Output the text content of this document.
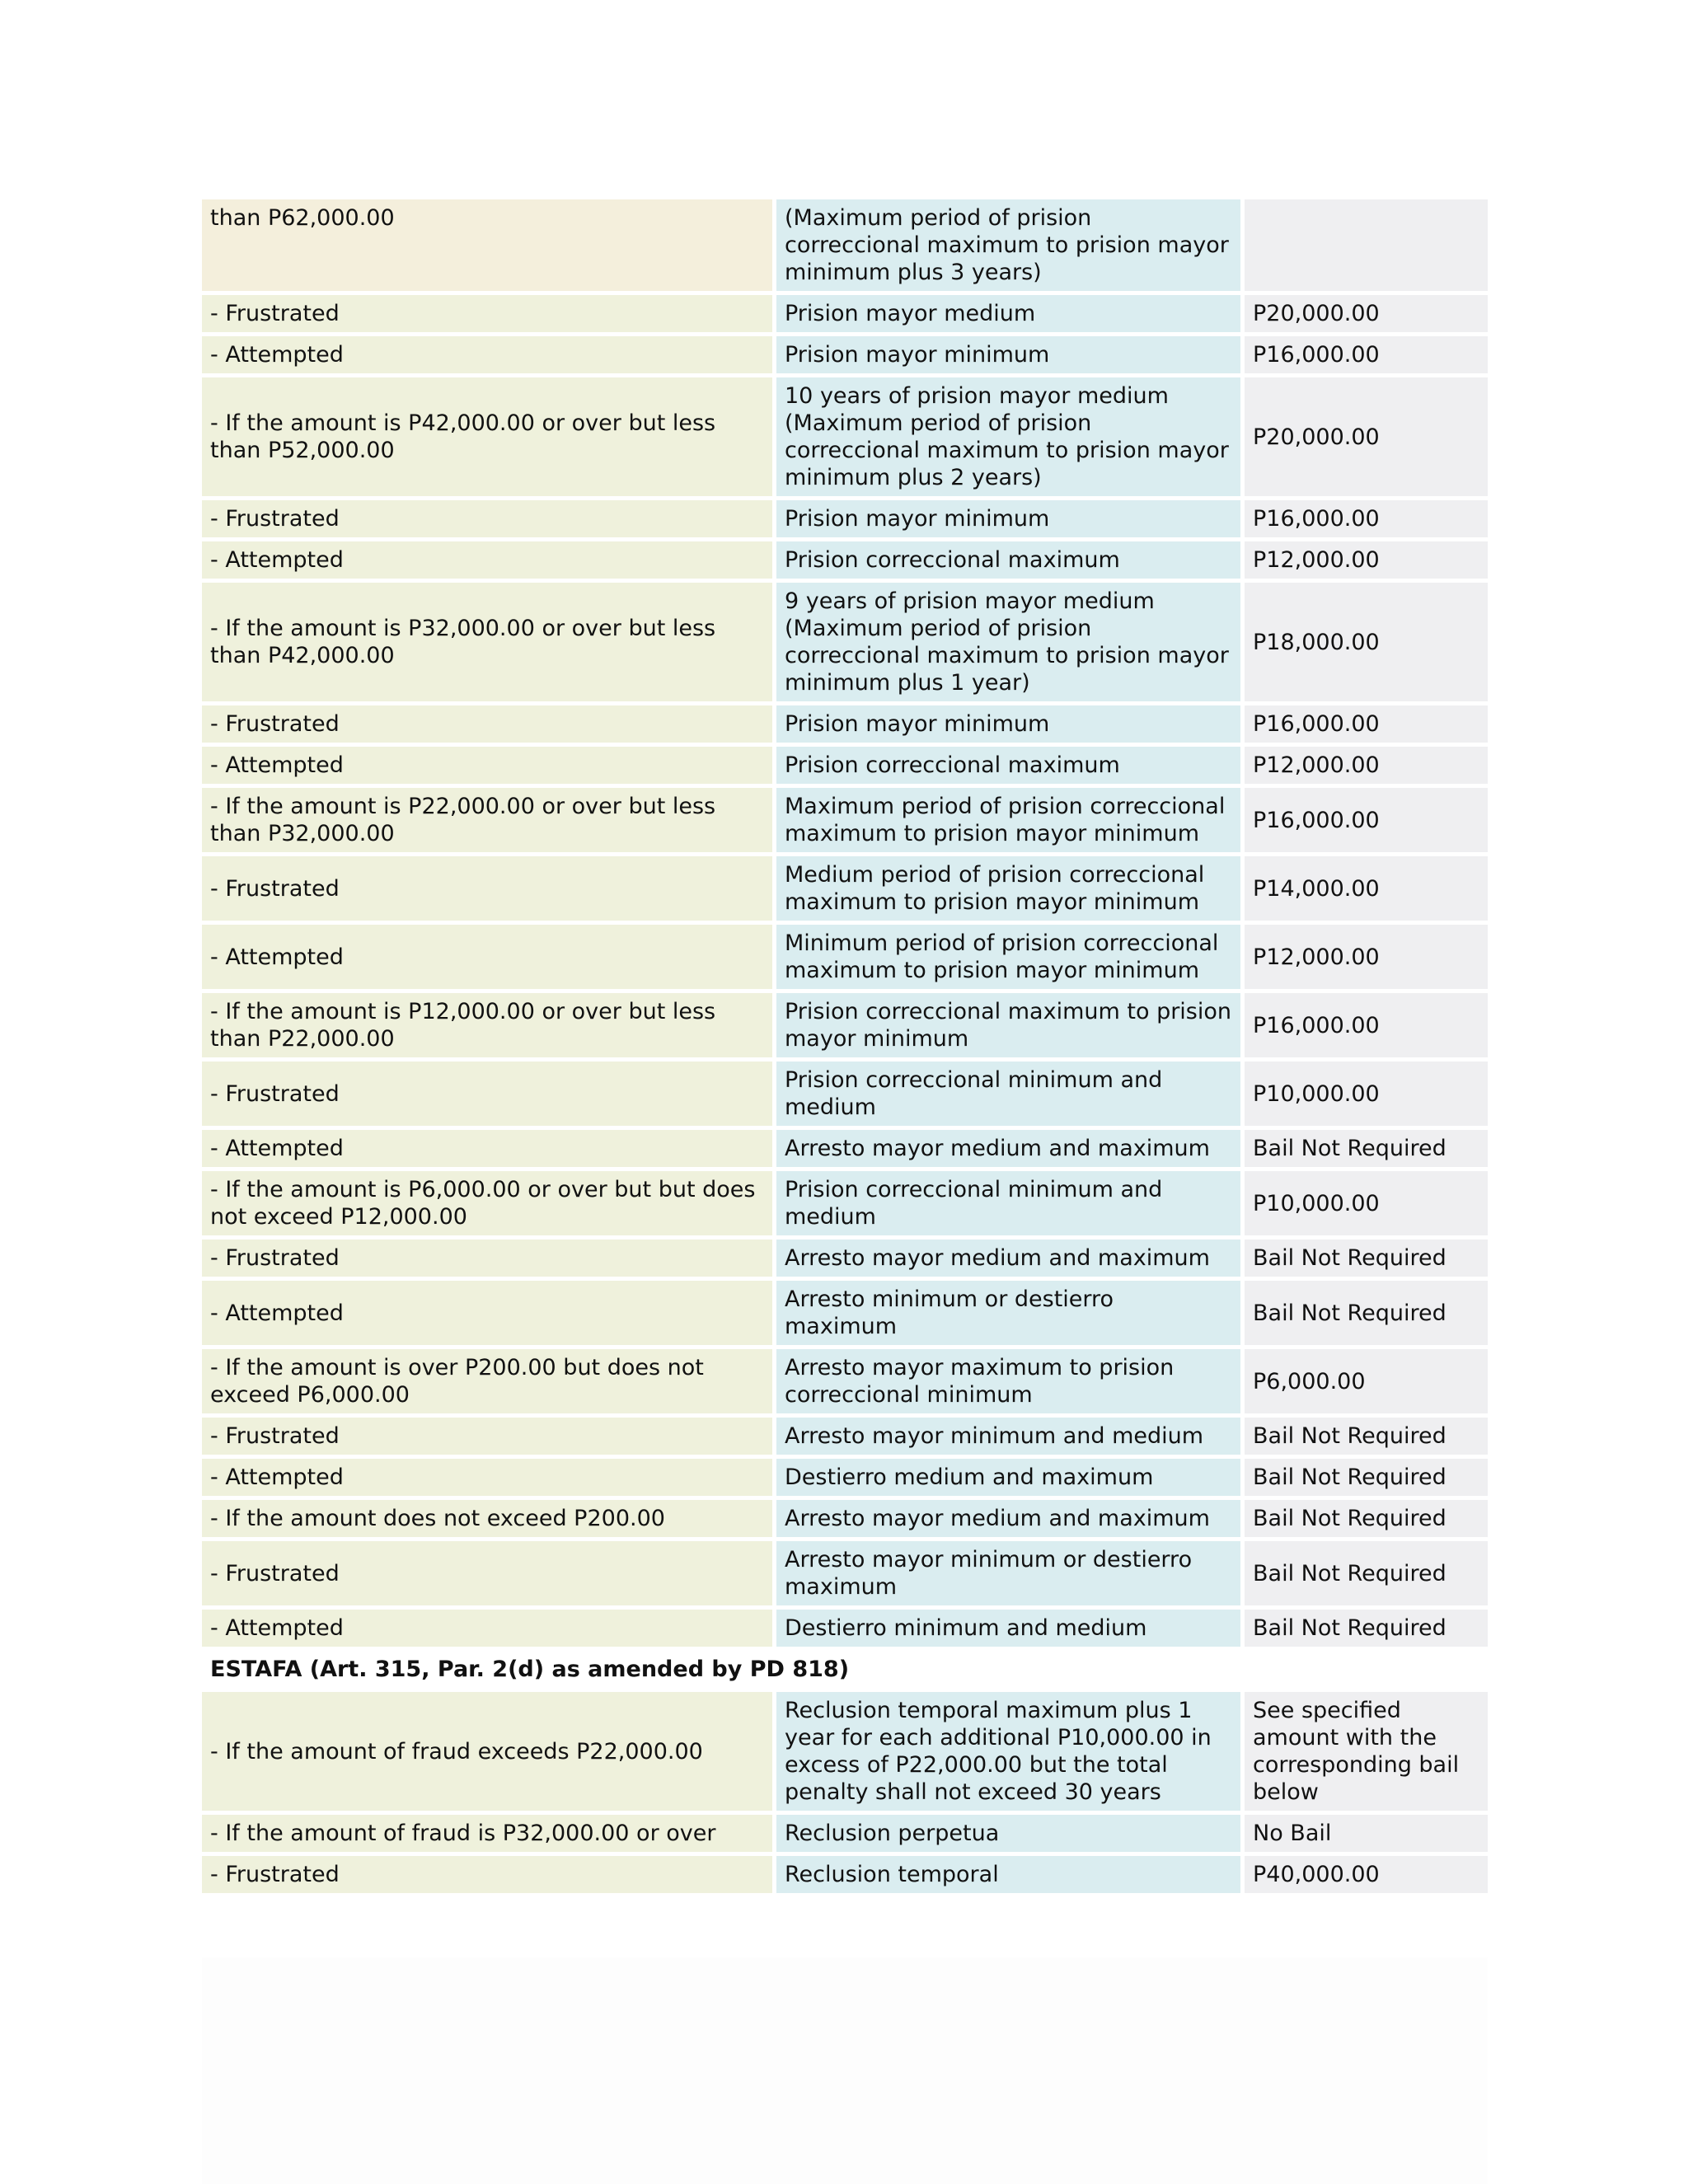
than P62,000.00	(Maximum period of prision correccional maximum to prision mayor minimum plus 3 years)	
- Frustrated	Prision mayor medium	P20,000.00
- Attempted	Prision mayor minimum	P16,000.00
- If the amount is P42,000.00 or over but less than P52,000.00	10 years of prision mayor medium (Maximum period of prision correccional maximum to prision mayor minimum plus 2 years)	P20,000.00
- Frustrated	Prision mayor minimum	P16,000.00
- Attempted	Prision correccional maximum	P12,000.00
- If the amount is P32,000.00 or over but less than P42,000.00	9 years of prision mayor medium (Maximum period of prision correccional maximum to prision mayor minimum plus 1 year)	P18,000.00
- Frustrated	Prision mayor minimum	P16,000.00
- Attempted	Prision correccional maximum	P12,000.00
- If the amount is P22,000.00 or over but less than P32,000.00	Maximum period of prision correccional maximum to prision mayor minimum	P16,000.00
- Frustrated	Medium period of prision correccional maximum to prision mayor minimum	P14,000.00
- Attempted	Minimum period of prision correccional maximum to prision mayor minimum	P12,000.00
- If the amount is P12,000.00 or over but less than P22,000.00	Prision correccional maximum to prision mayor minimum	P16,000.00
- Frustrated	Prision correccional minimum and medium	P10,000.00
- Attempted	Arresto mayor medium and maximum	Bail Not Required
- If the amount is P6,000.00 or over but but does not exceed P12,000.00	Prision correccional minimum and medium	P10,000.00
- Frustrated	Arresto mayor medium and maximum	Bail Not Required
- Attempted	Arresto minimum or destierro maximum	Bail Not Required
- If the amount is over P200.00 but does not exceed P6,000.00	Arresto mayor maximum to prision correccional minimum	P6,000.00
- Frustrated	Arresto mayor minimum and medium	Bail Not Required
- Attempted	Destierro medium and maximum	Bail Not Required
- If the amount does not exceed P200.00	Arresto mayor medium and maximum	Bail Not Required
- Frustrated	Arresto mayor minimum or destierro maximum	Bail Not Required
- Attempted	Destierro minimum and medium	Bail Not Required
ESTAFA (Art. 315, Par. 2(d) as amended by PD 818)		
- If the amount of fraud exceeds P22,000.00	Reclusion temporal maximum plus 1 year for each additional P10,000.00 in excess of P22,000.00 but the total penalty shall not exceed 30 years	See specified amount with the corresponding bail below
- If the amount of fraud is P32,000.00 or over	Reclusion perpetua	No Bail
- Frustrated	Reclusion temporal	P40,000.00
